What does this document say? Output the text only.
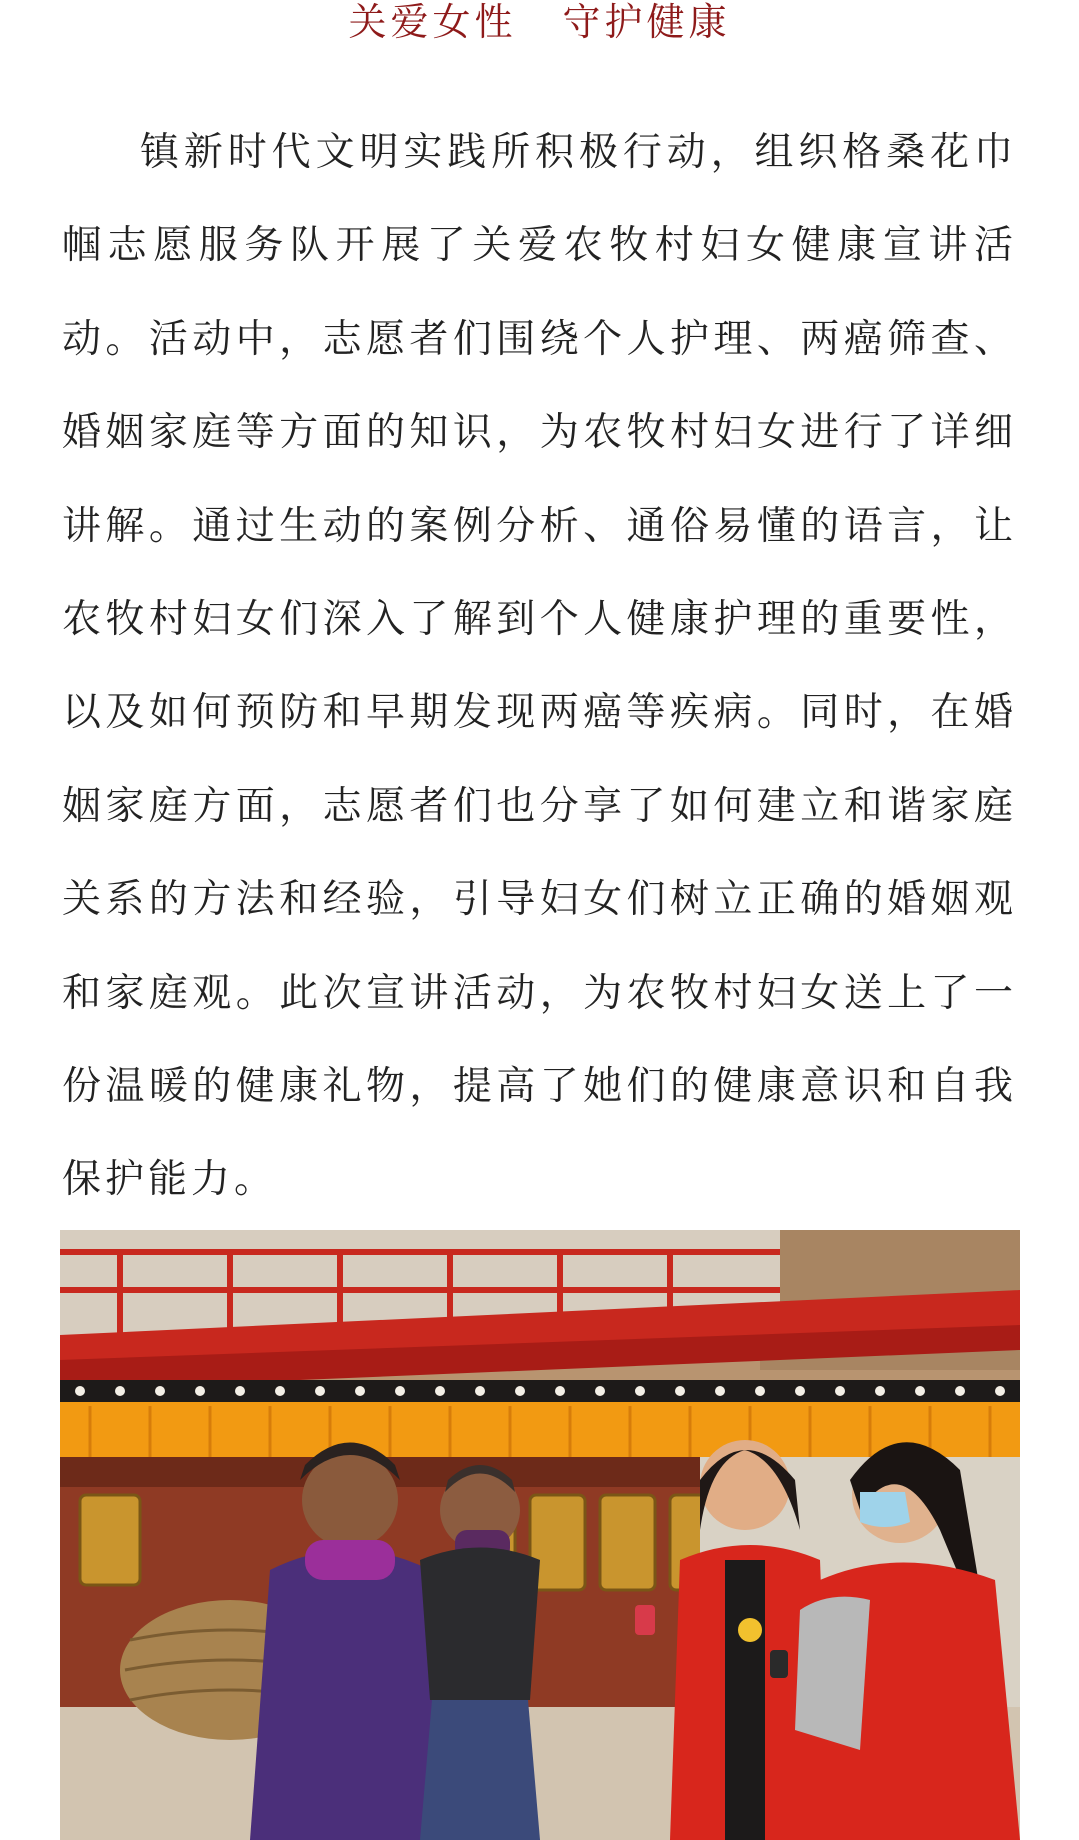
关爱女性 守护健康

镇新时代文明实践所积极行动，组织格桑花巾帼志愿服务队开展了关爱农牧村妇女健康宣讲活动。活动中，志愿者们围绕个人护理、两癌筛查、婚姻家庭等方面的知识，为农牧村妇女进行了详细讲解。通过生动的案例分析、通俗易懂的语言，让农牧村妇女们深入了解到个人健康护理的重要性，以及如何预防和早期发现两癌等疾病。同时，在婚姻家庭方面，志愿者们也分享了如何建立和谐家庭关系的方法和经验，引导妇女们树立正确的婚姻观和家庭观。此次宣讲活动，为农牧村妇女送上了一份温暖的健康礼物，提高了她们的健康意识和自我保护能力。
